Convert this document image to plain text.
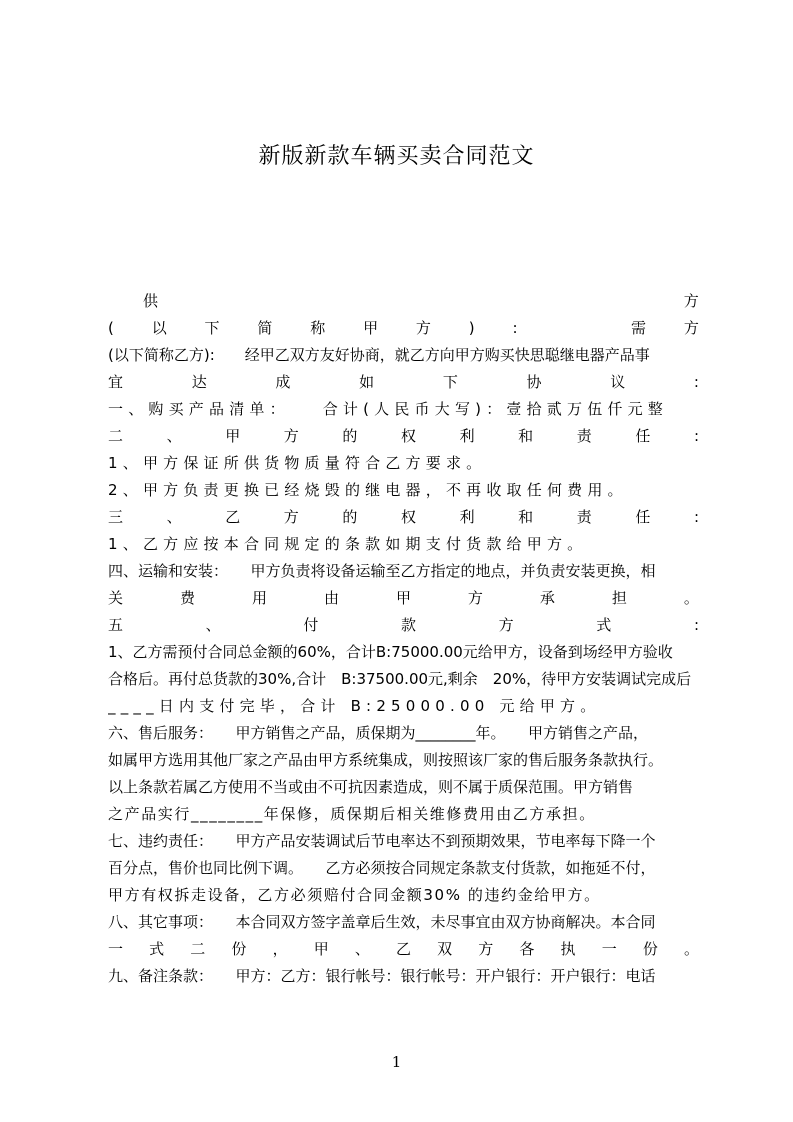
新版新款车辆买卖合同范文
供	方
(	以	下	简	称	甲	方	)	:	需	方
(以下简称乙方):　　经甲乙双方友好协商，就乙方向甲方购买快思聪继电器产品事
宜	达	成	如	下	协	议	:
一、购买产品清单：　　合计(人民币大写)：壹拾贰万伍仟元整
二	、	甲	方	的	权	利	和	责	任	:
1、甲方保证所供货物质量符合乙方要求。
2、甲方负责更换已经烧毁的继电器，不再收取任何费用。
三	、	乙	方	的	权	利	和	责	任	:
1、乙方应按本合同规定的条款如期支付货款给甲方。
四、运输和安装：　　甲方负责将设备运输至乙方指定的地点，并负责安装更换，相
关	费	用	由	甲	方	承	担	。
五	、	付	款	方	式	:
1、乙方需预付合同总金额的60%，合计B:75000.00元给甲方，设备到场经甲方验收
合格后。再付总货款的30%,合计　B:37500.00元,剩余　20%，待甲方安装调试完成后
____日内支付完毕，合计 B:25000.00 元给甲方。
六、售后服务：　　甲方销售之产品，质保期为________年。　　甲方销售之产品，
如属甲方选用其他厂家之产品由甲方系统集成，则按照该厂家的售后服务条款执行。
以上条款若属乙方使用不当或由不可抗因素造成，则不属于质保范围。甲方销售
之产品实行________年保修，质保期后相关维修费用由乙方承担。
七、违约责任：　　甲方产品安装调试后节电率达不到预期效果，节电率每下降一个
百分点，售价也同比例下调。　　乙方必须按合同规定条款支付货款，如拖延不付，
甲方有权拆走设备，乙方必须赔付合同金额30% 的违约金给甲方。
八、其它事项：　　本合同双方签字盖章后生效，未尽事宜由双方协商解决。本合同
一 式 二 份 ， 甲 、 乙 双 方 各 执 一 份 。
九、备注条款：　　甲方：乙方：银行帐号：银行帐号：开户银行：开户银行：电话
1
